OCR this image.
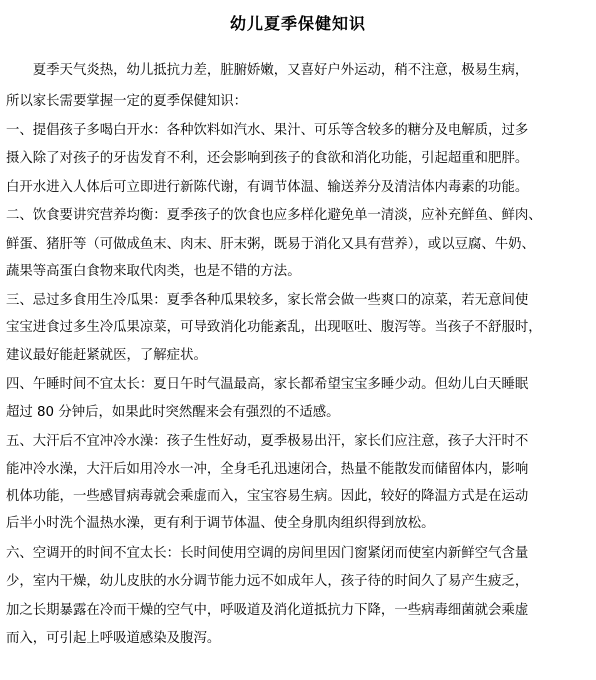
幼儿夏季保健知识
　　夏季天气炎热，幼儿抵抗力差，脏腑娇嫩，又喜好户外运动，稍不注意，极易生病，
所以家长需要掌握一定的夏季保健知识：
一、提倡孩子多喝白开水：各种饮料如汽水、果汁、可乐等含较多的糖分及电解质，过多
摄入除了对孩子的牙齿发育不利，还会影响到孩子的食欲和消化功能，引起超重和肥胖。
白开水进入人体后可立即进行新陈代谢，有调节体温、输送养分及清洁体内毒素的功能。
二、饮食要讲究营养均衡：夏季孩子的饮食也应多样化避免单一清淡，应补充鲜鱼、鲜肉、
鲜蛋、猪肝等（可做成鱼末、肉末、肝末粥，既易于消化又具有营养），或以豆腐、牛奶、
蔬果等高蛋白食物来取代肉类，也是不错的方法。
三、忌过多食用生冷瓜果：夏季各种瓜果较多，家长常会做一些爽口的凉菜，若无意间使
宝宝进食过多生冷瓜果凉菜，可导致消化功能紊乱，出现呕吐、腹泻等。当孩子不舒服时，
建议最好能赶紧就医，了解症状。
四、午睡时间不宜太长：夏日午时气温最高，家长都希望宝宝多睡少动。但幼儿白天睡眠
超过 80 分钟后，如果此时突然醒来会有强烈的不适感。
五、大汗后不宜冲冷水澡：孩子生性好动，夏季极易出汗，家长们应注意，孩子大汗时不
能冲冷水澡，大汗后如用冷水一冲，全身毛孔迅速闭合，热量不能散发而储留体内，影响
机体功能，一些感冒病毒就会乘虚而入，宝宝容易生病。因此，较好的降温方式是在运动
后半小时洗个温热水澡，更有利于调节体温、使全身肌肉组织得到放松。
六、空调开的时间不宜太长：长时间使用空调的房间里因门窗紧闭而使室内新鲜空气含量
少，室内干燥，幼儿皮肤的水分调节能力远不如成年人，孩子待的时间久了易产生疲乏，
加之长期暴露在冷而干燥的空气中，呼吸道及消化道抵抗力下降，一些病毒细菌就会乘虚
而入，可引起上呼吸道感染及腹泻。
